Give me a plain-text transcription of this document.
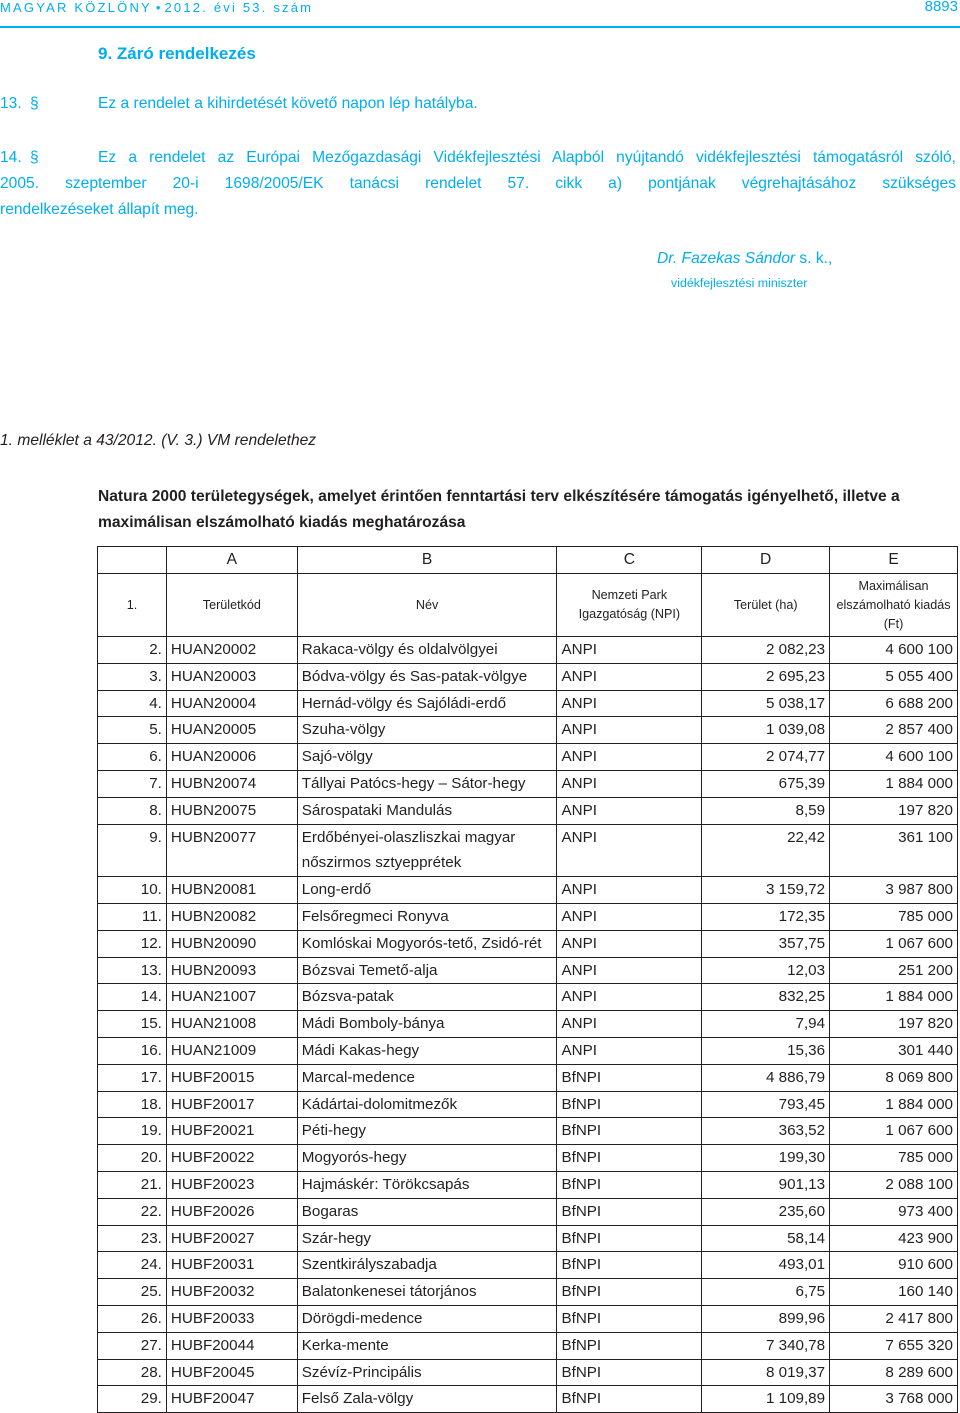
MAGYAR KÖZLÖNY • 2012. évi 53. szám	8893
9. Záró rendelkezés
13. §	Ez a rendelet a kihirdetését követő napon lép hatályba.
14. §	Ez a rendelet az Európai Mezőgazdasági Vidékfejlesztési Alapból nyújtandó vidékfejlesztési támogatásról szóló,
2005. szeptember 20-i 1698/2005/EK tanácsi rendelet 57. cikk a) pontjának végrehajtásához szükséges
rendelkezéseket állapít meg.
Dr. Fazekas Sándor s. k.,
vidékfejlesztési miniszter
1. melléklet a 43/2012. (V. 3.) VM rendelethez
Natura 2000 területegységek, amelyet érintően fenntartási terv elkészítésére támogatás igényelhető, illetve a maximálisan elszámolható kiadás meghatározása
	A	B	C	D	E
1.	Területkód	Név	Nemzeti Park Igazgatóság (NPI)	Terület (ha)	Maximálisan elszámolható kiadás (Ft)
2.	HUAN20002	Rakaca-völgy és oldalvölgyei	ANPI	2 082,23	4 600 100
3.	HUAN20003	Bódva-völgy és Sas-patak-völgye	ANPI	2 695,23	5 055 400
4.	HUAN20004	Hernád-völgy és Sajóládi-erdő	ANPI	5 038,17	6 688 200
5.	HUAN20005	Szuha-völgy	ANPI	1 039,08	2 857 400
6.	HUAN20006	Sajó-völgy	ANPI	2 074,77	4 600 100
7.	HUBN20074	Tállyai Patócs-hegy – Sátor-hegy	ANPI	675,39	1 884 000
8.	HUBN20075	Sárospataki Mandulás	ANPI	8,59	197 820
9.	HUBN20077	Erdőbényei-olaszliszkai magyar nőszirmos sztyepprétek	ANPI	22,42	361 100
10.	HUBN20081	Long-erdő	ANPI	3 159,72	3 987 800
11.	HUBN20082	Felsőregmeci Ronyva	ANPI	172,35	785 000
12.	HUBN20090	Komlóskai Mogyorós-tető, Zsidó-rét	ANPI	357,75	1 067 600
13.	HUBN20093	Bózsvai Temető-alja	ANPI	12,03	251 200
14.	HUAN21007	Bózsva-patak	ANPI	832,25	1 884 000
15.	HUAN21008	Mádi Bomboly-bánya	ANPI	7,94	197 820
16.	HUAN21009	Mádi Kakas-hegy	ANPI	15,36	301 440
17.	HUBF20015	Marcal-medence	BfNPI	4 886,79	8 069 800
18.	HUBF20017	Kádártai-dolomitmezők	BfNPI	793,45	1 884 000
19.	HUBF20021	Péti-hegy	BfNPI	363,52	1 067 600
20.	HUBF20022	Mogyorós-hegy	BfNPI	199,30	785 000
21.	HUBF20023	Hajmáskér: Törökcsapás	BfNPI	901,13	2 088 100
22.	HUBF20026	Bogaras	BfNPI	235,60	973 400
23.	HUBF20027	Szár-hegy	BfNPI	58,14	423 900
24.	HUBF20031	Szentkirályszabadja	BfNPI	493,01	910 600
25.	HUBF20032	Balatonkenesei tátorjános	BfNPI	6,75	160 140
26.	HUBF20033	Dörögdi-medence	BfNPI	899,96	2 417 800
27.	HUBF20044	Kerka-mente	BfNPI	7 340,78	7 655 320
28.	HUBF20045	Szévíz-Principális	BfNPI	8 019,37	8 289 600
29.	HUBF20047	Felső Zala-völgy	BfNPI	1 109,89	3 768 000
